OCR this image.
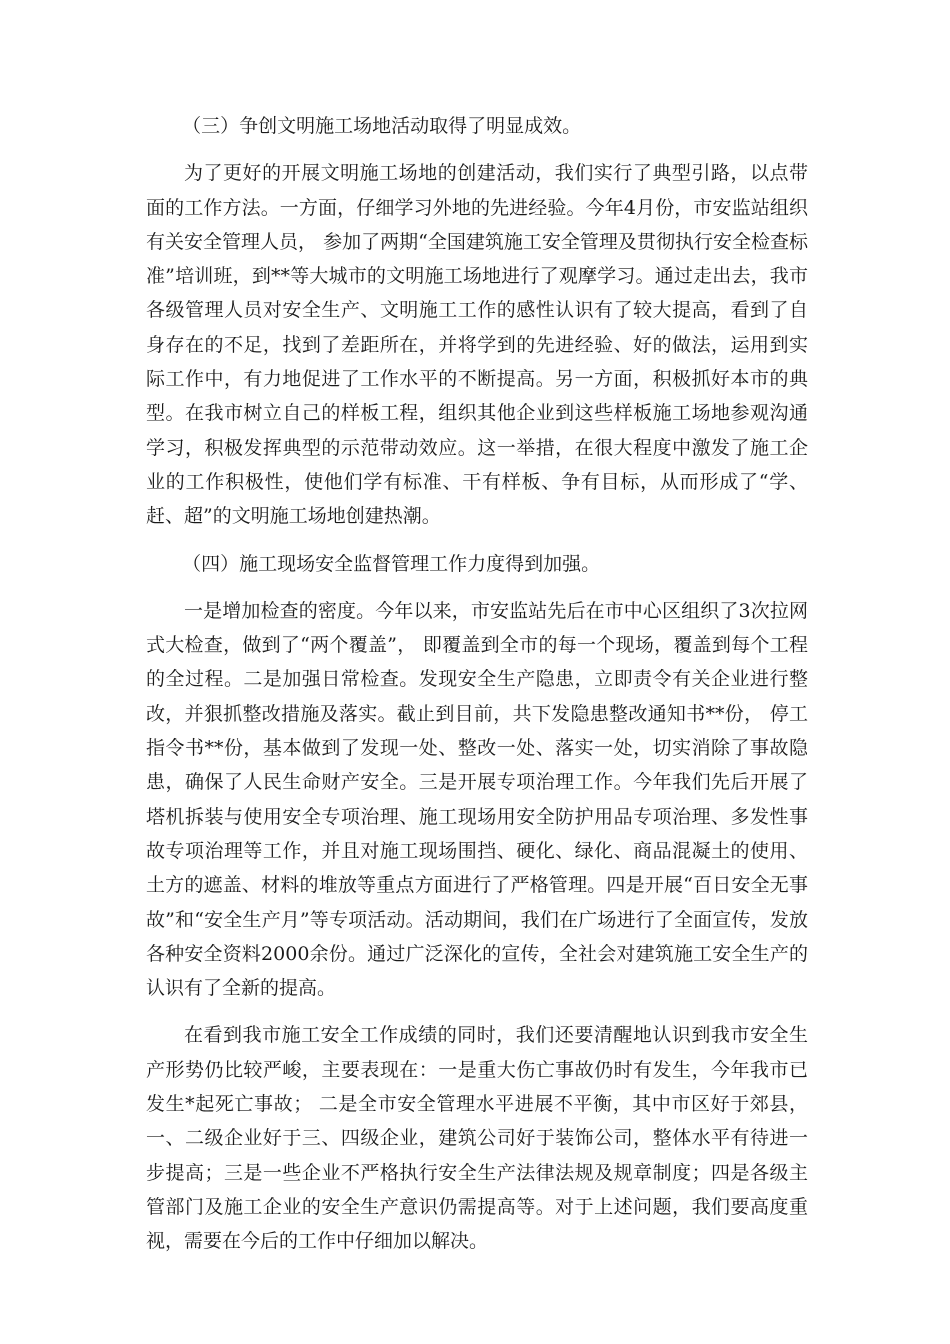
（三）争创文明施工场地活动取得了明显成效。

为了更好的开展文明施工场地的创建活动，我们实行了典型引路，以点带面的工作方法。一方面，仔细学习外地的先进经验。今年4月份，市安监站组织有关安全管理人员， 参加了两期“全国建筑施工安全管理及贯彻执行安全检查标准”培训班，到**等大城市的文明施工场地进行了观摩学习。通过走出去，我市各级管理人员对安全生产、文明施工工作的感性认识有了较大提高，看到了自身存在的不足，找到了差距所在，并将学到的先进经验、好的做法，运用到实际工作中，有力地促进了工作水平的不断提高。另一方面，积极抓好本市的典型。在我市树立自己的样板工程，组织其他企业到这些样板施工场地参观沟通学习，积极发挥典型的示范带动效应。这一举措，在很大程度中激发了施工企业的工作积极性，使他们学有标准、干有样板、争有目标，从而形成了“学、赶、超”的文明施工场地创建热潮。

（四）施工现场安全监督管理工作力度得到加强。

一是增加检查的密度。今年以来，市安监站先后在市中心区组织了3次拉网式大检查，做到了“两个覆盖”， 即覆盖到全市的每一个现场，覆盖到每个工程的全过程。二是加强日常检查。发现安全生产隐患，立即责令有关企业进行整改，并狠抓整改措施及落实。截止到目前，共下发隐患整改通知书**份， 停工指令书**份，基本做到了发现一处、整改一处、落实一处，切实消除了事故隐患，确保了人民生命财产安全。三是开展专项治理工作。今年我们先后开展了塔机拆装与使用安全专项治理、施工现场用安全防护用品专项治理、多发性事故专项治理等工作，并且对施工现场围挡、硬化、绿化、商品混凝土的使用、土方的遮盖、材料的堆放等重点方面进行了严格管理。四是开展“百日安全无事故”和“安全生产月”等专项活动。活动期间，我们在广场进行了全面宣传，发放各种安全资料2000余份。通过广泛深化的宣传，全社会对建筑施工安全生产的认识有了全新的提高。

在看到我市施工安全工作成绩的同时，我们还要清醒地认识到我市安全生产形势仍比较严峻，主要表现在：一是重大伤亡事故仍时有发生，今年我市已发生*起死亡事故； 二是全市安全管理水平进展不平衡，其中市区好于郊县，一、二级企业好于三、四级企业，建筑公司好于装饰公司，整体水平有待进一步提高；三是一些企业不严格执行安全生产法律法规及规章制度；四是各级主管部门及施工企业的安全生产意识仍需提高等。对于上述问题，我们要高度重视，需要在今后的工作中仔细加以解决。
